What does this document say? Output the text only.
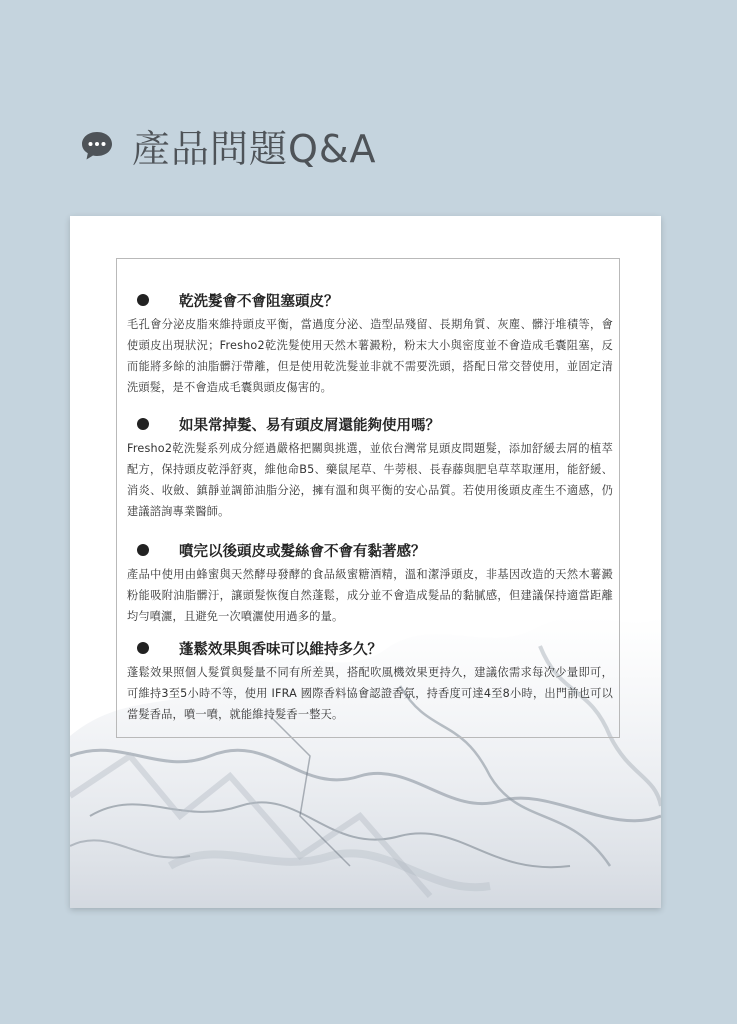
產品問題Q&A
乾洗髮會不會阻塞頭皮？
毛孔會分泌皮脂來維持頭皮平衡，當過度分泌、造型品殘留、長期角質、灰塵、髒汙堆積等，會使頭皮出現狀況；Fresho2乾洗髮使用天然木薯澱粉，粉末大小與密度並不會造成毛囊阻塞，反而能將多餘的油脂髒汙帶離，但是使用乾洗髮並非就不需要洗頭，搭配日常交替使用，並固定清洗頭髮，是不會造成毛囊與頭皮傷害的。
如果常掉髮、易有頭皮屑還能夠使用嗎？
Fresho2乾洗髮系列成分經過嚴格把關與挑選，並依台灣常見頭皮問題髮，添加舒緩去屑的植萃配方，保持頭皮乾淨舒爽，維他命B5、藥鼠尾草、牛蒡根、長春藤與肥皂草萃取運用，能舒緩、消炎、收斂、鎮靜並調節油脂分泌，擁有溫和與平衡的安心品質。若使用後頭皮產生不適感，仍建議諮詢專業醫師。
噴完以後頭皮或髮絲會不會有黏著感？
產品中使用由蜂蜜與天然酵母發酵的食品級蜜糖酒精，溫和潔淨頭皮，非基因改造的天然木薯澱粉能吸附油脂髒汙，讓頭髮恢復自然蓬鬆，成分並不會造成髮品的黏膩感，但建議保持適當距離均勻噴灑，且避免一次噴灑使用過多的量。
蓬鬆效果與香味可以維持多久？
蓬鬆效果照個人髮質與髮量不同有所差異，搭配吹風機效果更持久，建議依需求每次少量即可，可維持3至5小時不等，使用 IFRA 國際香料協會認證香氛，持香度可達4至8小時，出門前也可以當髮香品，噴一噴，就能維持髮香一整天。
